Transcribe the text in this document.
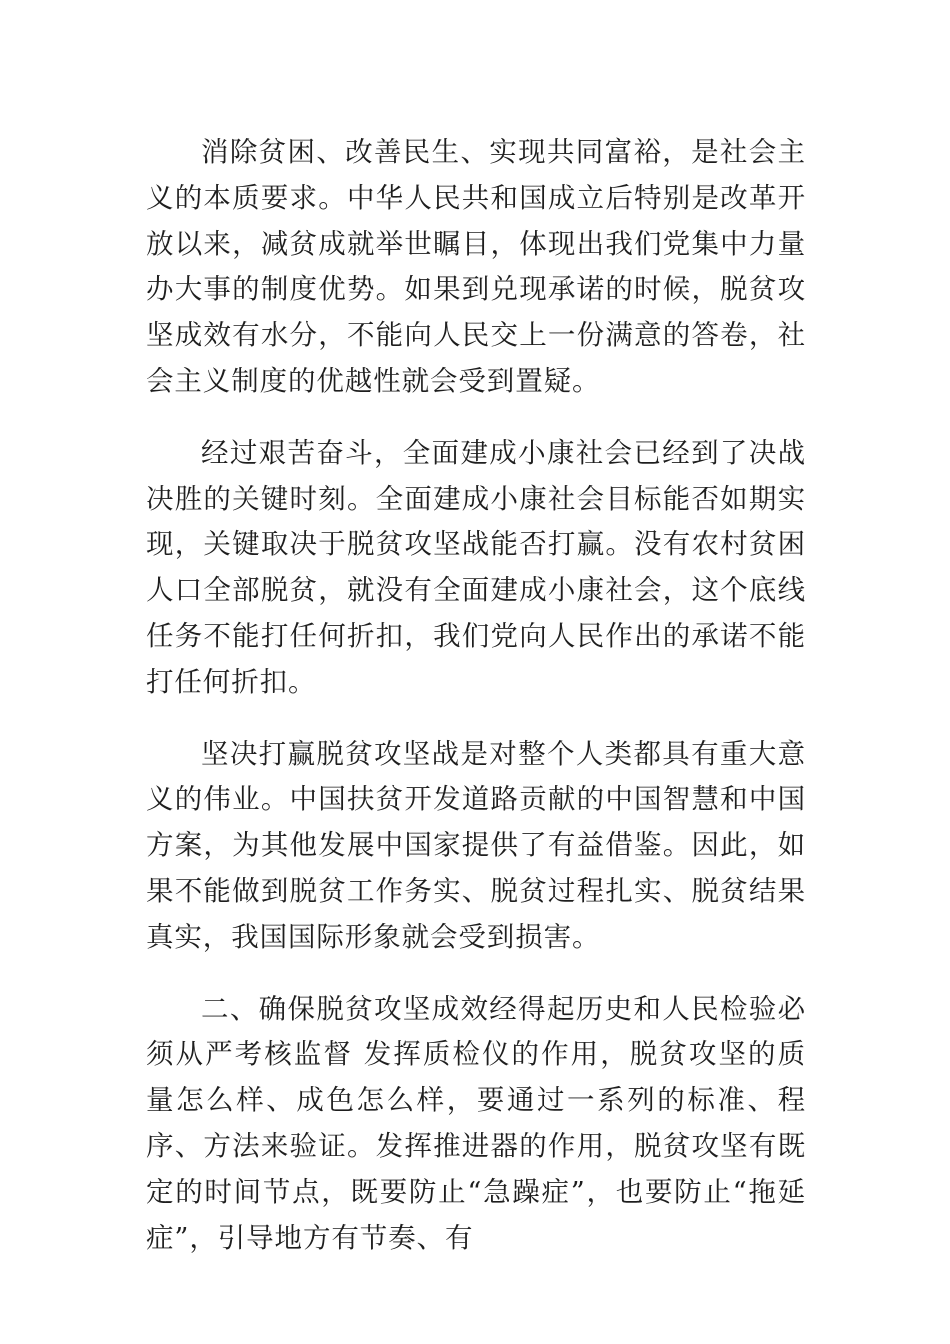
消除贫困、改善民生、实现共同富裕，是社会主义的本质要求。中华人民共和国成立后特别是改革开放以来，减贫成就举世瞩目，体现出我们党集中力量办大事的制度优势。如果到兑现承诺的时候，脱贫攻坚成效有水分，不能向人民交上一份满意的答卷，社会主义制度的优越性就会受到置疑。

经过艰苦奋斗，全面建成小康社会已经到了决战决胜的关键时刻。全面建成小康社会目标能否如期实现，关键取决于脱贫攻坚战能否打赢。没有农村贫困人口全部脱贫，就没有全面建成小康社会，这个底线任务不能打任何折扣，我们党向人民作出的承诺不能打任何折扣。

坚决打赢脱贫攻坚战是对整个人类都具有重大意义的伟业。中国扶贫开发道路贡献的中国智慧和中国方案，为其他发展中国家提供了有益借鉴。因此，如果不能做到脱贫工作务实、脱贫过程扎实、脱贫结果真实，我国国际形象就会受到损害。

二、确保脱贫攻坚成效经得起历史和人民检验必须从严考核监督 发挥质检仪的作用，脱贫攻坚的质量怎么样、成色怎么样，要通过一系列的标准、程序、方法来验证。发挥推进器的作用，脱贫攻坚有既定的时间节点，既要防止“急躁症”，也要防止“拖延症”，引导地方有节奏、有
